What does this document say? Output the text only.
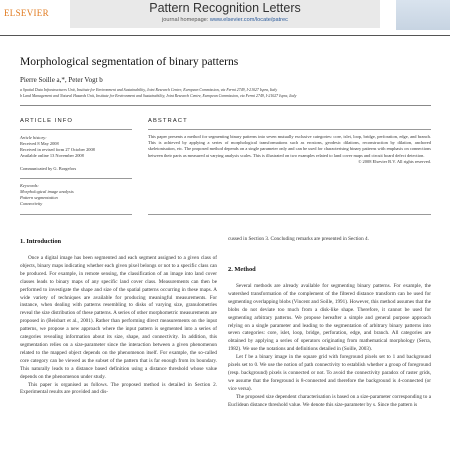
ELSEVIER	Pattern Recognition Letters
journal homepage: www.elsevier.com/locate/patrec
Morphological segmentation of binary patterns
Pierre Soille a,*, Peter Vogt b
a Spatial Data Infrastructures Unit, Institute for Environment and Sustainability, Joint Research Centre, European Commission, via Fermi 2749, I-21027 Ispra, Italy
b Land Management and Natural Hazards Unit, Institute for Environment and Sustainability, Joint Research Centre, European Commission, via Fermi 2749, I-21027 Ispra, Italy
ARTICLE INFO	ABSTRACT
Article history:
Received 8 May 2008
Received in revised form 27 October 2008
Available online 13 November 2008
Communicated by G. Borgefors
Keywords:
Morphological image analysis
Pattern segmentation
Connectivity
This paper presents a method for segmenting binary patterns into seven mutually exclusive categories: core, islet, loop, bridge, perforation, edge, and branch. This is achieved by applying a series of morphological transformations such as erosions, geodesic dilations, reconstruction by dilation, anchored skeletonisation, etc. The proposed method depends on a single parameter only and can be used for characterising binary patterns with emphasis on connections between their parts as measured at varying analysis scales. This is illustrated on two examples related to land cover maps and circuit board defect detection.
© 2008 Elsevier B.V. All rights reserved.
1. Introduction

Once a digital image has been segmented and each segment assigned to a given class of objects, binary maps indicating whether each given pixel belongs or not to a specific class can be produced. For example, in remote sensing, the classification of an image into land cover classes leads to binary maps of any specific land cover class. Measurements can then be performed to investigate the shape and size of the spatial patterns occurring in these maps. A wide variety of techniques are available for producing meaningful measurements. For instance, when dealing with patterns resembling to disks of varying size, granulometries reveal the size distribution of these patterns. A series of other morphometric measurements are proposed in (Beisbart et al., 2001). Rather than performing direct measurements on the input patterns, we propose a new approach where the input pattern is segmented into a series of categories revealing information about its size, shape, and connectivity. In addition, this segmentation relies on a size-parameter since the interaction between a given phenomenon related to the mapped object depends on the phenomenon itself. For example, the so-called core category can be viewed as the subset of the pattern that is far enough from its boundary. This naturally leads to a distance based definition using a distance threshold whose value depends on the phenomenon under study.

This paper is organised as follows. The proposed method is detailed in Section 2. Experimental results are provided and dis-

cussed in Section 3. Concluding remarks are presented in Section 4.

2. Method

Several methods are already available for segmenting binary patterns. For example, the watershed transformation of the complement of the filtered distance transform can be used for segmenting overlapping blobs (Vincent and Soille, 1991). However, this method assumes that the blobs do not deviate too much from a disk-like shape. Therefore, it cannot be used for segmenting arbitrary patterns. We propose hereafter a simple and general purpose approach relying on a single parameter and leading to the segmentation of arbitrary binary patterns into seven categories: core, islet, loop, bridge, perforation, edge, and branch. All categories are obtained by applying a series of operators originating from mathematical morphology (Serra, 1982). We use the notations and definitions detailed in (Soille, 2003).

Let f be a binary image in the square grid with foreground pixels set to 1 and background pixels set to 0. We use the notion of path connectivity to establish whether a group of foreground (resp. background) pixels is connected or not. To avoid the connectivity paradox of raster grids, we assume that the foreground is 8-connected and therefore the background is 4-connected (or vice versa).

The proposed size dependent characterisation is based on a size-parameter corresponding to a Euclidean distance threshold value. We denote this size-parameter by s. Since the pattern is
